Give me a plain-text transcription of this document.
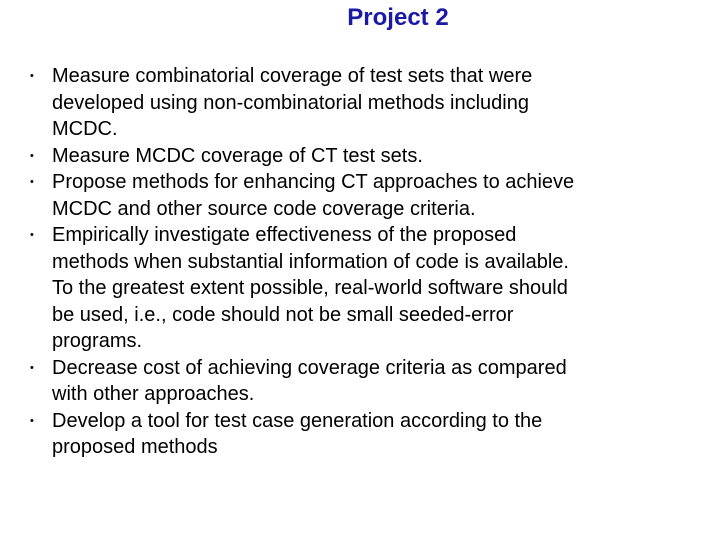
Project 2
• Measure combinatorial coverage of test sets that were
developed using non-combinatorial methods including
MCDC.
• Measure MCDC coverage of CT test sets.
• Propose methods for enhancing CT approaches to achieve
MCDC and other source code coverage criteria.
• Empirically investigate effectiveness of the proposed
methods when substantial information of code is available.
To the greatest extent possible, real-world software should
be used, i.e., code should not be small seeded-error
programs.
• Decrease cost of achieving coverage criteria as compared
with other approaches.
• Develop a tool for test case generation according to the
proposed methods
